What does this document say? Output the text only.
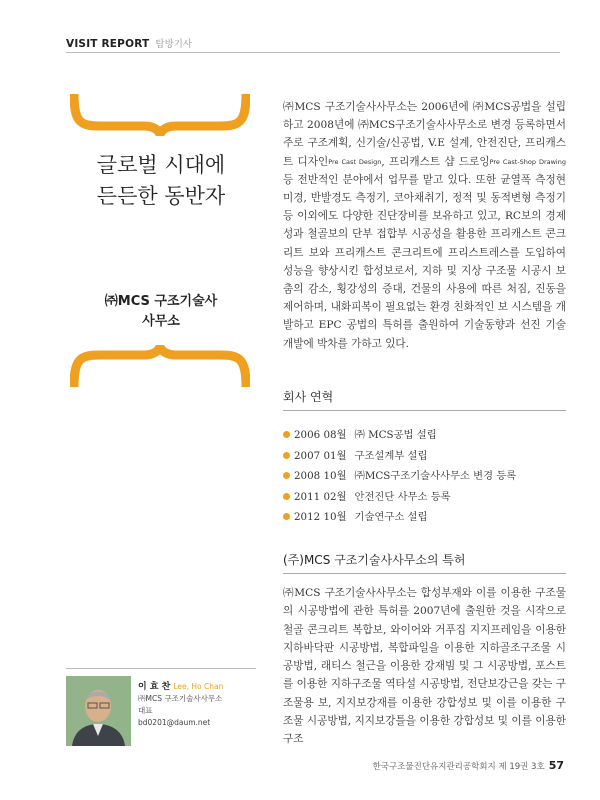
VISIT REPORT 탐방기사
글로벌 시대에
든든한 동반자
㈜MCS 구조기술사
사무소
㈜MCS 구조기술사사무소는 2006년에 ㈜MCS공법을 설립하고 2008년에 ㈜MCS구조기술사사무소로 변경 등록하면서 주로 구조계획, 신기술/신공법, V.E 설계, 안전진단, 프리캐스트 디자인Pre Cast Design, 프리캐스트 샵 드로잉Pre Cast-Shop Drawing 등 전반적인 분야에서 업무를 맡고 있다. 또한 균열폭 측정현미경, 반발경도 측정기, 코아채취기, 정적 및 동적변형 측정기 등 이외에도 다양한 진단장비를 보유하고 있고, RC보의 경제성과 철골보의 단부 접합부 시공성을 활용한 프리캐스트 콘크리트 보와 프리캐스트 콘크리트에 프리스트레스를 도입하여 성능을 향상시킨 합성보로서, 지하 및 지상 구조물 시공시 보춤의 감소, 횡강성의 증대, 건물의 사용에 따른 처짐, 진동을 제어하며, 내화피복이 필요없는 환경 친화적인 보 시스템을 개발하고 EPC 공법의 특허를 출원하여 기술동향과 선진 기술 개발에 박차를 가하고 있다.
회사 연혁
2006 08월 ㈜ MCS공법 설립
2007 01월 구조설계부 설립
2008 10월 ㈜MCS구조기술사사무소 변경 등록
2011 02월 안전진단 사무소 등록
2012 10월 기술연구소 설립
(주)MCS 구조기술사사무소의 특허
㈜MCS 구조기술사사무소는 합성부재와 이를 이용한 구조물의 시공방법에 관한 특허를 2007년에 출원한 것을 시작으로 철골 콘크리트 복합보, 와이어와 거푸집 지지프레임을 이용한 지하바닥판 시공방법, 복합파일을 이용한 지하골조구조물 시공방법, 래티스 철근을 이용한 강재빔 및 그 시공방법, 포스트를 이용한 지하구조물 역타설 시공방법, 전단보강근을 갖는 구조물용 보, 지지보강재를 이용한 강합성보 및 이를 이용한 구조물 시공방법, 지지보강틀을 이용한 강합성보 및 이를 이용한 구조
이 효 찬 Lee, Ho Chan
㈜MCS 구조기술사사무소
대표
bd0201@daum.net
한국구조물진단유지관리공학회지 제 19권 3호 57
